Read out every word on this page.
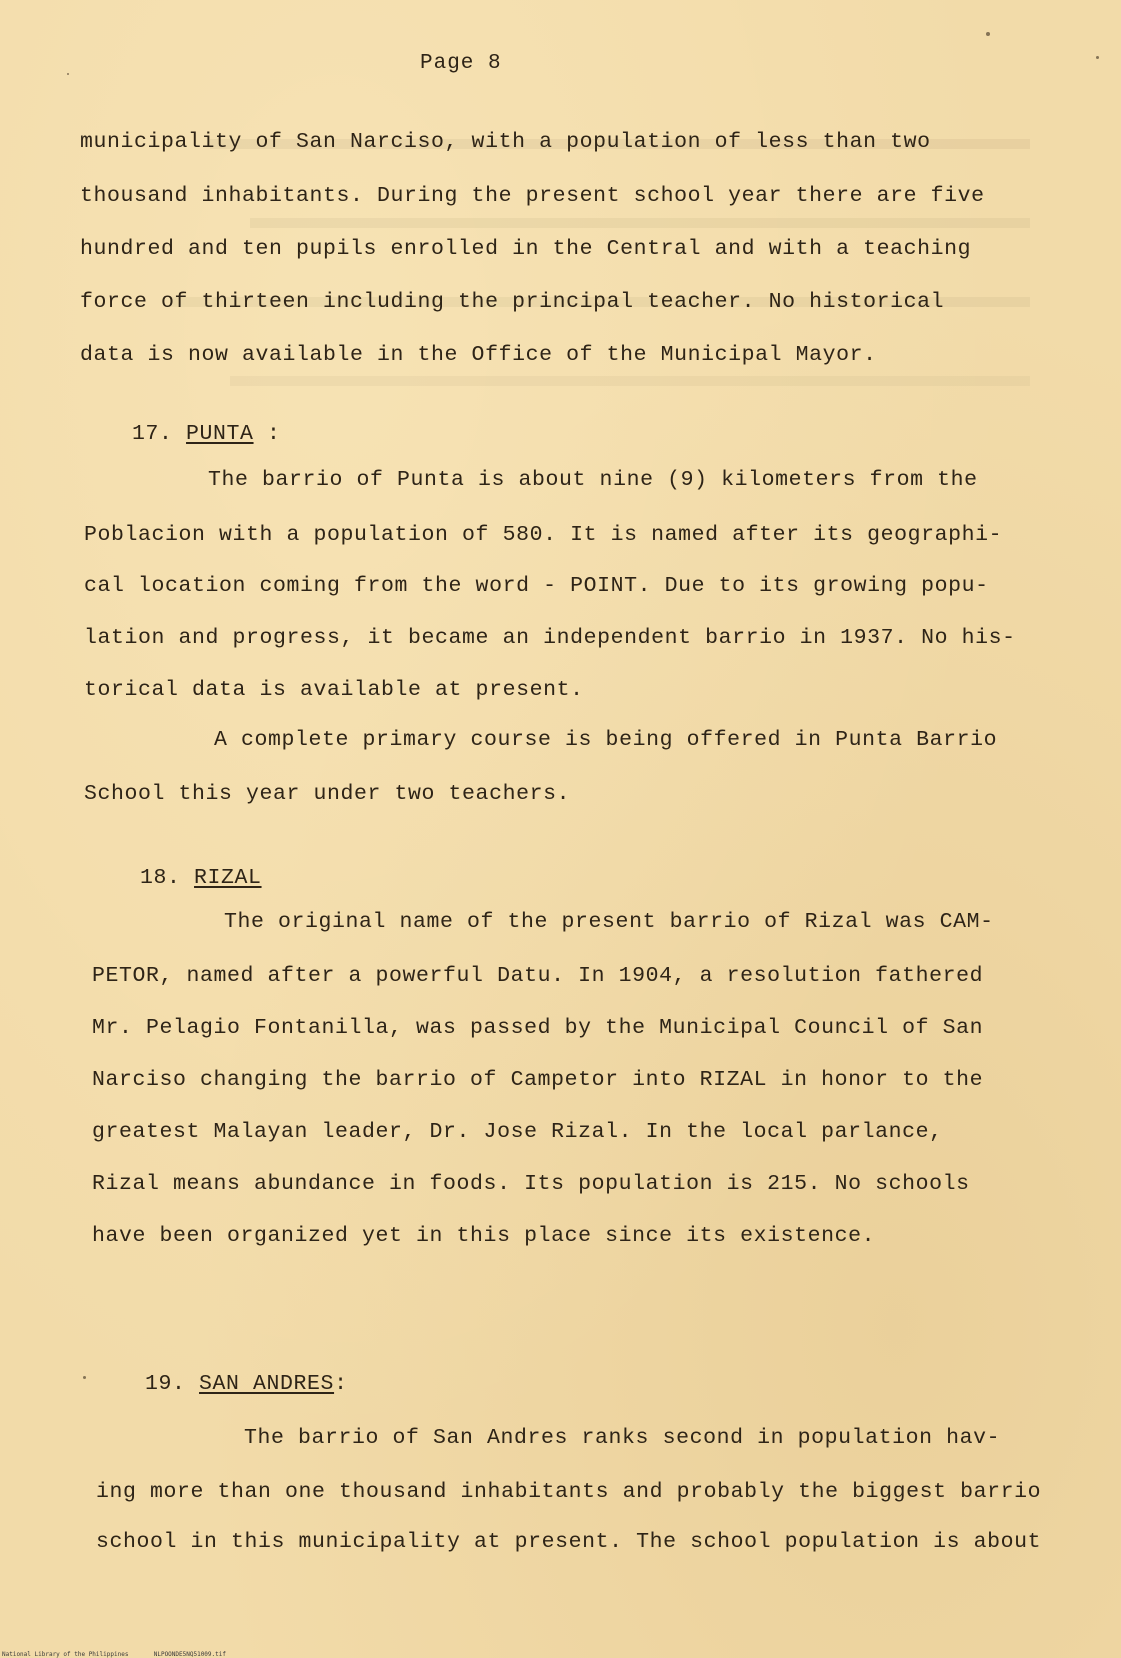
Page 8
municipality of San Narciso, with a population of less than two
thousand inhabitants. During the present school year there are five
hundred and ten pupils enrolled in the Central and with a teaching
force of thirteen including the principal teacher. No historical
data is now available in the Office of the Municipal Mayor.
17. PUNTA :
The barrio of Punta is about nine (9) kilometers from the
Poblacion with a population of 580. It is named after its geographi-
cal location coming from the word - POINT. Due to its growing popu-
lation and progress, it became an independent barrio in 1937. No his-
torical data is available at present.
A complete primary course is being offered in Punta Barrio
School this year under two teachers.
18. RIZAL
The original name of the present barrio of Rizal was CAM-
PETOR, named after a powerful Datu. In 1904, a resolution fathered
Mr. Pelagio Fontanilla, was passed by the Municipal Council of San
Narciso changing the barrio of Campetor into RIZAL in honor to the
greatest Malayan leader, Dr. Jose Rizal. In the local parlance,
Rizal means abundance in foods. Its population is 215. No schools
have been organized yet in this place since its existence.
19. SAN ANDRES:
The barrio of San Andres ranks second in population hav-
ing more than one thousand inhabitants and probably the biggest barrio
school in this municipality at present. The school population is about
National Library of the Philippines	NLPOONDE5NQ51009.tif
